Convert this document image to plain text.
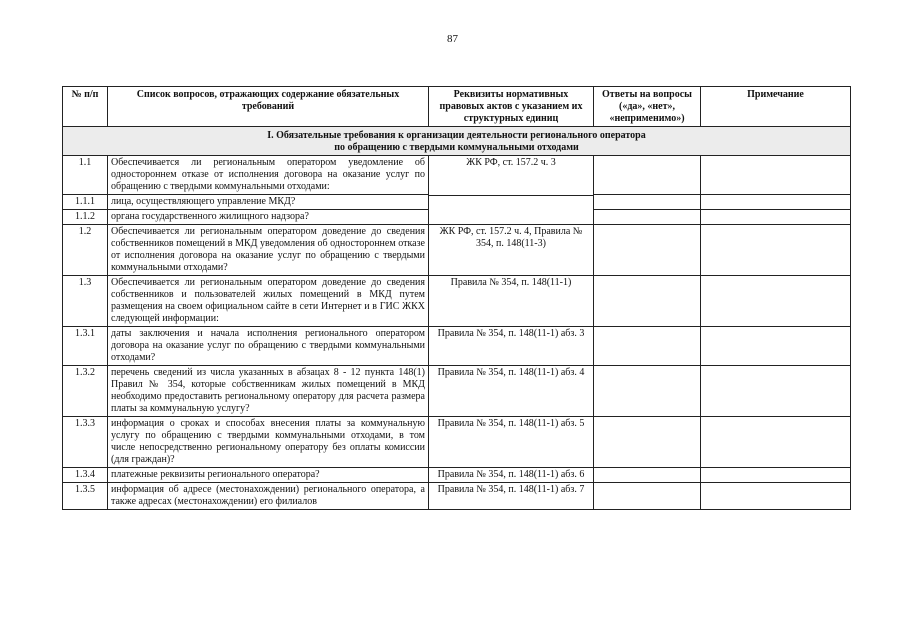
87
№ п/п	Список вопросов, отражающих содержание обязательных требований	Реквизиты нормативных правовых актов с указанием их структурных единиц	Ответы на вопросы («да», «нет», «неприменимо»)	Примечание

I. Обязательные требования к организации деятельности регионального оператора
по обращению с твердыми коммунальными отходами				

1.1	Обеспечивается ли региональным оператором уведомление об одностороннем отказе от исполнения договора на оказание услуг по обращению с твердыми коммунальными отходами:	ЖК РФ, ст. 157.2 ч. 3		

1.1.1	лица, осуществляющего управление МКД?			
1.1.2	органа государственного жилищного надзора?			
1.2	Обеспечивается ли региональным оператором доведение до сведения собственников помещений в МКД уведомления об одностороннем отказе от исполнения договора на оказание услуг по обращению с твердыми коммунальными отходами?	ЖК РФ, ст. 157.2 ч. 4, Правила № 354, п. 148(11-3)		
1.3	Обеспечивается ли региональным оператором доведение до сведения собственников и пользователей жилых помещений в МКД путем размещения на своем официальном сайте в сети Интернет и в ГИС ЖКХ следующей информации:	Правила № 354, п. 148(11-1)		
1.3.1	даты заключения и начала исполнения регионального оператором договора на оказание услуг по обращению с твердыми коммунальными отходами?	Правила № 354, п. 148(11-1) абз. 3		
1.3.2	перечень сведений из числа указанных в абзацах 8 - 12 пункта 148(1) Правил № 354, которые собственникам жилых помещений в МКД необходимо предоставить региональному оператору для расчета размера платы за коммунальную услугу?	Правила № 354, п. 148(11-1) абз. 4		
1.3.3	информация о сроках и способах внесения платы за коммунальную услугу по обращению с твердыми коммунальными отходами, в том числе непосредственно региональному оператору без оплаты комиссии (для граждан)?	Правила № 354, п. 148(11-1) абз. 5		
1.3.4	платежные реквизиты регионального оператора?	Правила № 354, п. 148(11-1) абз. 6		
1.3.5	информация об адресе (местонахождении) регионального оператора, а также адресах (местонахождении) его филиалов	Правила № 354, п. 148(11-1) абз. 7		
